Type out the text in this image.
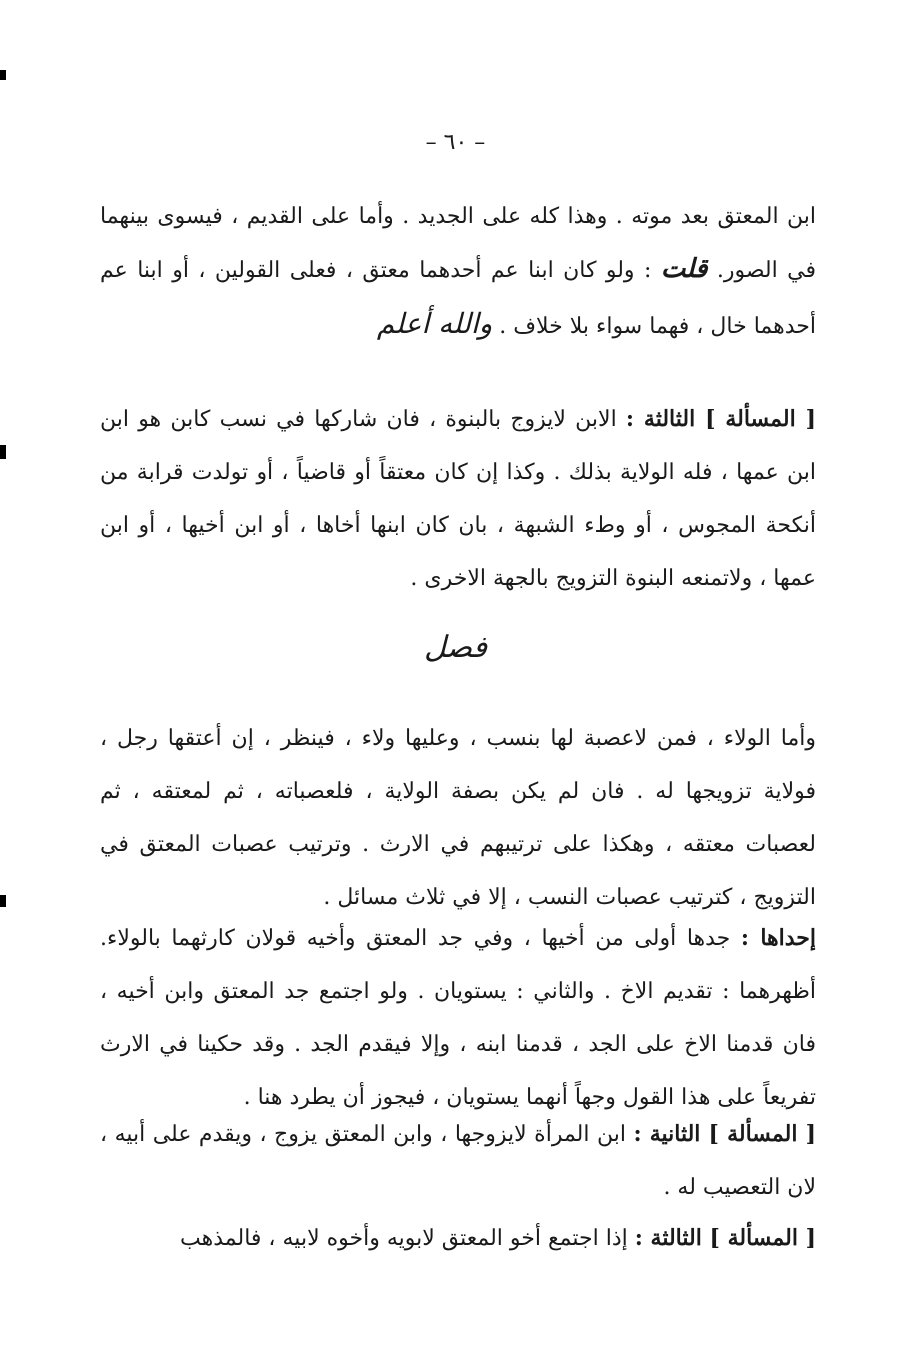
– ٦٠ –

ابن المعتق بعد موته . وهذا كله على الجديد . وأما على القديم ، فيسوى بينهما في الصور. قلت : ولو كان ابنا عم أحدهما معتق ، فعلى القولين ، أو ابنا عم أحدهما خال ، فهما سواء بلا خلاف . والله أعلم

[ المسألة ] الثالثة : الابن لايزوج بالبنوة ، فان شاركها في نسب كابن هو ابن ابن عمها ، فله الولاية بذلك . وكذا إن كان معتقاً أو قاضياً ، أو تولدت قرابة من أنكحة المجوس ، أو وطء الشبهة ، بان كان ابنها أخاها ، أو ابن أخيها ، أو ابن عمها ، ولاتمنعه البنوة التزويج بالجهة الاخرى .

فصل

وأما الولاء ، فمن لاعصبة لها بنسب ، وعليها ولاء ، فينظر ، إن أعتقها رجل ، فولاية تزويجها له . فان لم يكن بصفة الولاية ، فلعصباته ، ثم لمعتقه ، ثم لعصبات معتقه ، وهكذا على ترتيبهم في الارث . وترتيب عصبات المعتق في التزويج ، كترتيب عصبات النسب ، إلا في ثلاث مسائل .

إحداها : جدها أولى من أخيها ، وفي جد المعتق وأخيه قولان كارثهما بالولاء. أظهرهما : تقديم الاخ . والثاني : يستويان . ولو اجتمع جد المعتق وابن أخيه ، فان قدمنا الاخ على الجد ، قدمنا ابنه ، وإلا فيقدم الجد . وقد حكينا في الارث تفريعاً على هذا القول وجهاً أنهما يستويان ، فيجوز أن يطرد هنا .

[ المسألة ] الثانية : ابن المرأة لايزوجها ، وابن المعتق يزوج ، ويقدم على أبيه ، لان التعصيب له .

[ المسألة ] الثالثة : إذا اجتمع أخو المعتق لابويه وأخوه لابيه ، فالمذهب
